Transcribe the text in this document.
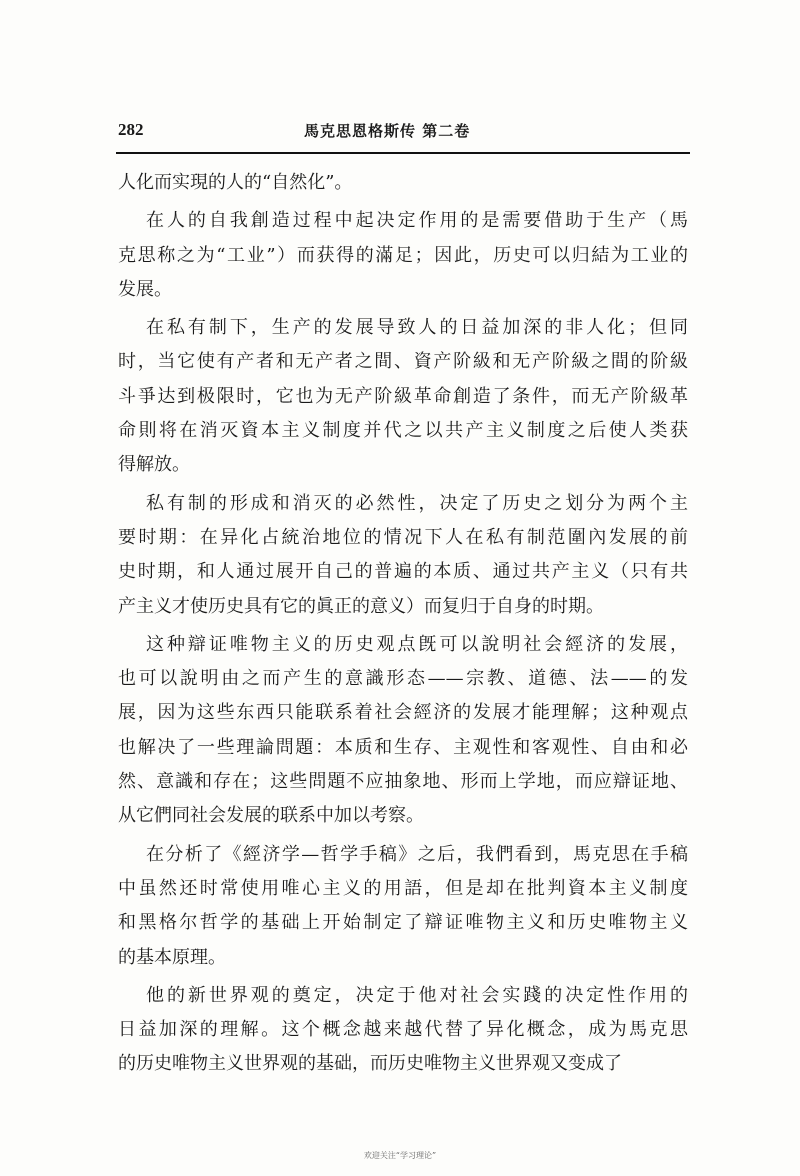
282	馬克思恩格斯传 第二卷
人化而实現的人的“自然化”。
在人的自我創造过程中起决定作用的是需要借助于生产（馬
克思称之为“工业”）而获得的滿足；因此，历史可以归結为工业的
发展。
在私有制下，生产的发展导致人的日益加深的非人化；但同
时，当它使有产者和无产者之間、資产阶級和无产阶級之間的阶級
斗爭达到极限时，它也为无产阶級革命創造了条件，而无产阶級革
命則将在消灭資本主义制度并代之以共产主义制度之后使人类获
得解放。
私有制的形成和消灭的必然性，决定了历史之划分为两个主
要时期：在异化占統治地位的情况下人在私有制范圍內发展的前
史时期，和人通过展开自己的普遍的本质、通过共产主义（只有共
产主义才使历史具有它的眞正的意义）而复归于自身的时期。
这种辯证唯物主义的历史观点旣可以說明社会經济的发展，
也可以說明由之而产生的意識形态——宗教、道德、法——的发
展，因为这些东西只能联系着社会經济的发展才能理解；这种观点
也解决了一些理論問題：本质和生存、主观性和客观性、自由和必
然、意識和存在；这些問題不应抽象地、形而上学地，而应辯证地、
从它們同社会发展的联系中加以考察。
在分析了《經济学—哲学手稿》之后，我們看到，馬克思在手稿
中虽然还时常使用唯心主义的用語，但是却在批判資本主义制度
和黑格尔哲学的基础上开始制定了辯证唯物主义和历史唯物主义
的基本原理。
他的新世界观的奠定，决定于他对社会实踐的决定性作用的
日益加深的理解。这个概念越来越代替了异化概念，成为馬克思
的历史唯物主义世界观的基础，而历史唯物主义世界观又变成了
欢迎关注“学习理论”
